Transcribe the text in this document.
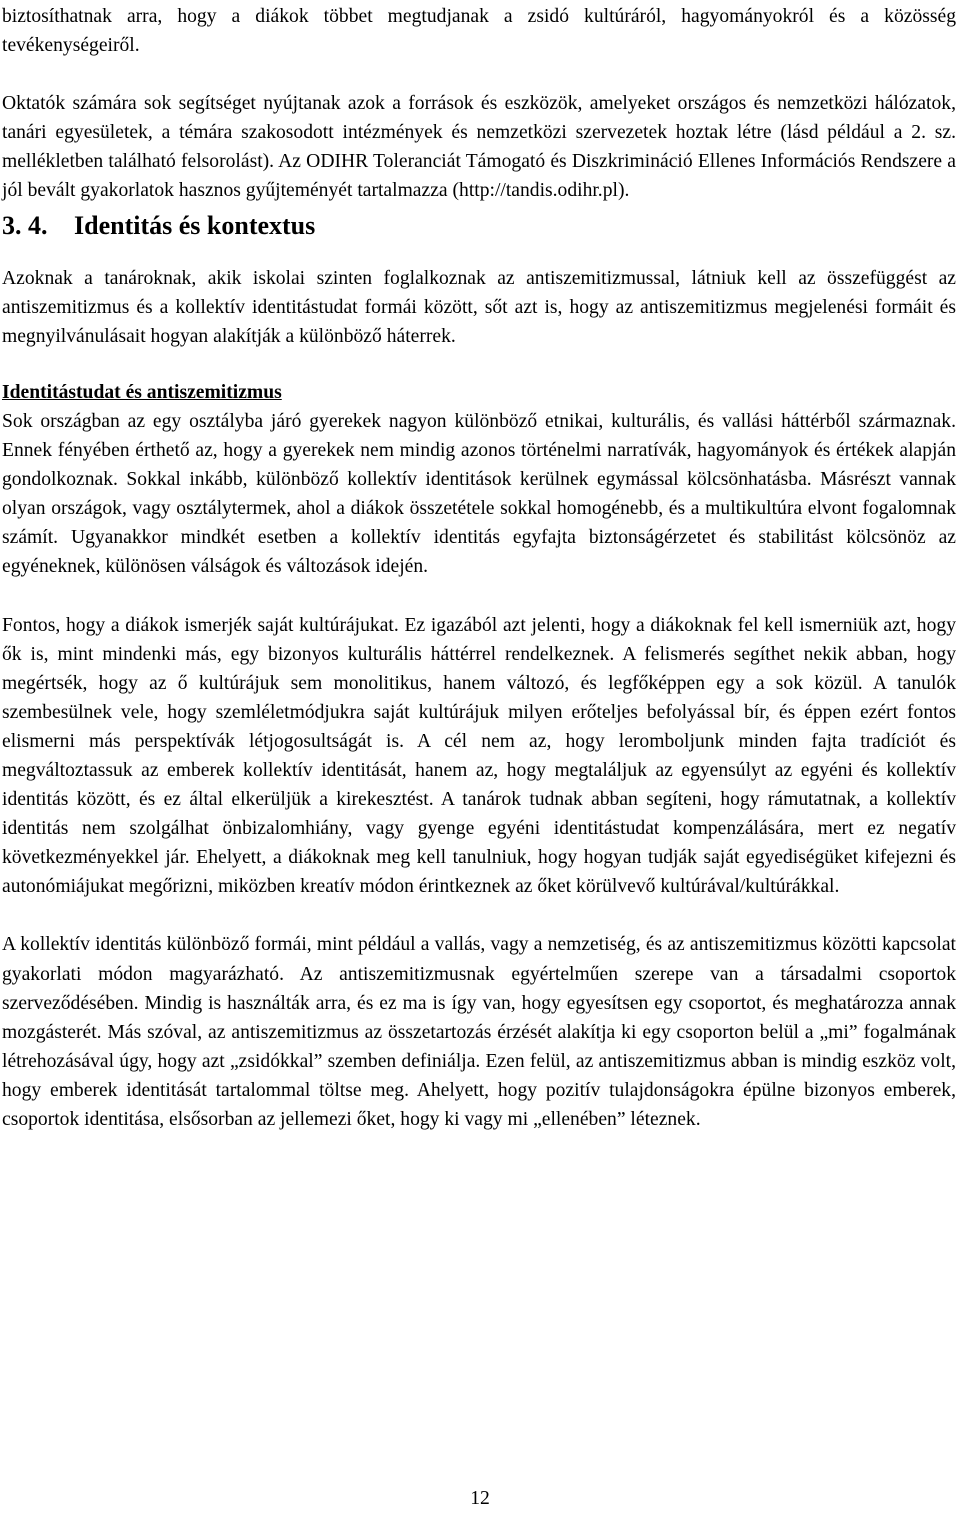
biztosíthatnak arra, hogy a diákok többet megtudjanak a zsidó kultúráról, hagyományokról és a közösség tevékenységeiről.

Oktatók számára sok segítséget nyújtanak azok a források és eszközök, amelyeket országos és nemzetközi hálózatok, tanári egyesületek, a témára szakosodott intézmények és nemzetközi szervezetek hoztak létre (lásd például a 2. sz. mellékletben található felsorolást). Az ODIHR Toleranciát Támogató és Diszkrimináció Ellenes Információs Rendszere a jól bevált gyakorlatok hasznos gyűjteményét tartalmazza (http://tandis.odihr.pl).

3. 4. Identitás és kontextus

Azoknak a tanároknak, akik iskolai szinten foglalkoznak az antiszemitizmussal, látniuk kell az összefüggést az antiszemitizmus és a kollektív identitástudat formái között, sőt azt is, hogy az antiszemitizmus megjelenési formáit és megnyilvánulásait hogyan alakítják a különböző háterrek.

Identitástudat és antiszemitizmus

Sok országban az egy osztályba járó gyerekek nagyon különböző etnikai, kulturális, és vallási háttérből származnak. Ennek fényében érthető az, hogy a gyerekek nem mindig azonos történelmi narratívák, hagyományok és értékek alapján gondolkoznak. Sokkal inkább, különböző kollektív identitások kerülnek egymással kölcsönhatásba. Másrészt vannak olyan országok, vagy osztálytermek, ahol a diákok összetétele sokkal homogénebb, és a multikultúra elvont fogalomnak számít. Ugyanakkor mindkét esetben a kollektív identitás egyfajta biztonságérzetet és stabilitást kölcsönöz az egyéneknek, különösen válságok és változások idején.

Fontos, hogy a diákok ismerjék saját kultúrájukat. Ez igazából azt jelenti, hogy a diákoknak fel kell ismerniük azt, hogy ők is, mint mindenki más, egy bizonyos kulturális háttérrel rendelkeznek. A felismerés segíthet nekik abban, hogy megértsék, hogy az ő kultúrájuk sem monolitikus, hanem változó, és legfőképpen egy a sok közül. A tanulók szembesülnek vele, hogy szemléletmódjukra saját kultúrájuk milyen erőteljes befolyással bír, és éppen ezért fontos elismerni más perspektívák létjogosultságát is. A cél nem az, hogy leromboljunk minden fajta tradíciót és megváltoztassuk az emberek kollektív identitását, hanem az, hogy megtaláljuk az egyensúlyt az egyéni és kollektív identitás között, és ez által elkerüljük a kirekesztést. A tanárok tudnak abban segíteni, hogy rámutatnak, a kollektív identitás nem szolgálhat önbizalomhiány, vagy gyenge egyéni identitástudat kompenzálására, mert ez negatív következményekkel jár. Ehelyett, a diákoknak meg kell tanulniuk, hogy hogyan tudják saját egyediségüket kifejezni és autonómiájukat megőrizni, miközben kreatív módon érintkeznek az őket körülvevő kultúrával/kultúrákkal.

A kollektív identitás különböző formái, mint például a vallás, vagy a nemzetiség, és az antiszemitizmus közötti kapcsolat gyakorlati módon magyarázható. Az antiszemitizmusnak egyértelműen szerepe van a társadalmi csoportok szerveződésében. Mindig is használták arra, és ez ma is így van, hogy egyesítsen egy csoportot, és meghatározza annak mozgásterét. Más szóval, az antiszemitizmus az összetartozás érzését alakítja ki egy csoporton belül a „mi” fogalmának létrehozásával úgy, hogy azt „zsidókkal” szemben definiálja. Ezen felül, az antiszemitizmus abban is mindig eszköz volt, hogy emberek identitását tartalommal töltse meg. Ahelyett, hogy pozitív tulajdonságokra épülne bizonyos emberek, csoportok identitása, elsősorban az jellemezi őket, hogy ki vagy mi „ellenében” léteznek.

12
